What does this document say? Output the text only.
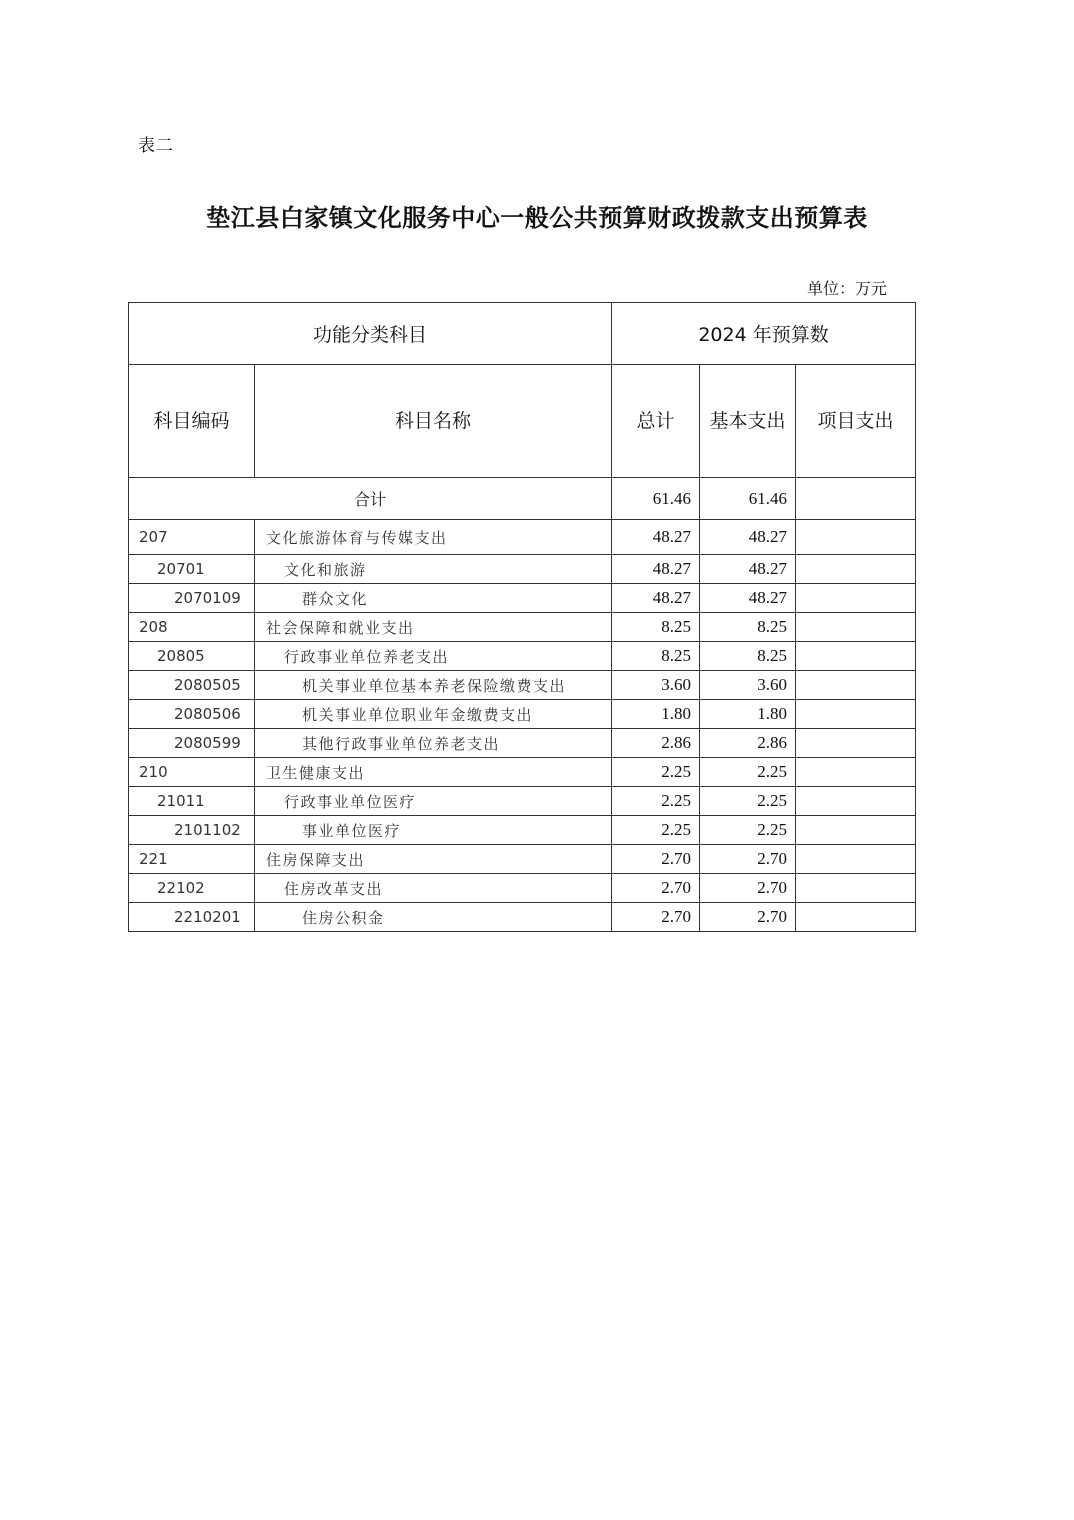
表二
垫江县白家镇文化服务中心一般公共预算财政拨款支出预算表
单位：万元
功能分类科目		2024 年预算数		
科目编码	科目名称	总计	基本支出	项目支出
合计		61.46	61.46	
207	文化旅游体育与传媒支出	48.27	48.27	
20701	文化和旅游	48.27	48.27	
2070109	群众文化	48.27	48.27	
208	社会保障和就业支出	8.25	8.25	
20805	行政事业单位养老支出	8.25	8.25	
2080505	机关事业单位基本养老保险缴费支出	3.60	3.60	
2080506	机关事业单位职业年金缴费支出	1.80	1.80	
2080599	其他行政事业单位养老支出	2.86	2.86	
210	卫生健康支出	2.25	2.25	
21011	行政事业单位医疗	2.25	2.25	
2101102	事业单位医疗	2.25	2.25	
221	住房保障支出	2.70	2.70	
22102	住房改革支出	2.70	2.70	
2210201	住房公积金	2.70	2.70	
